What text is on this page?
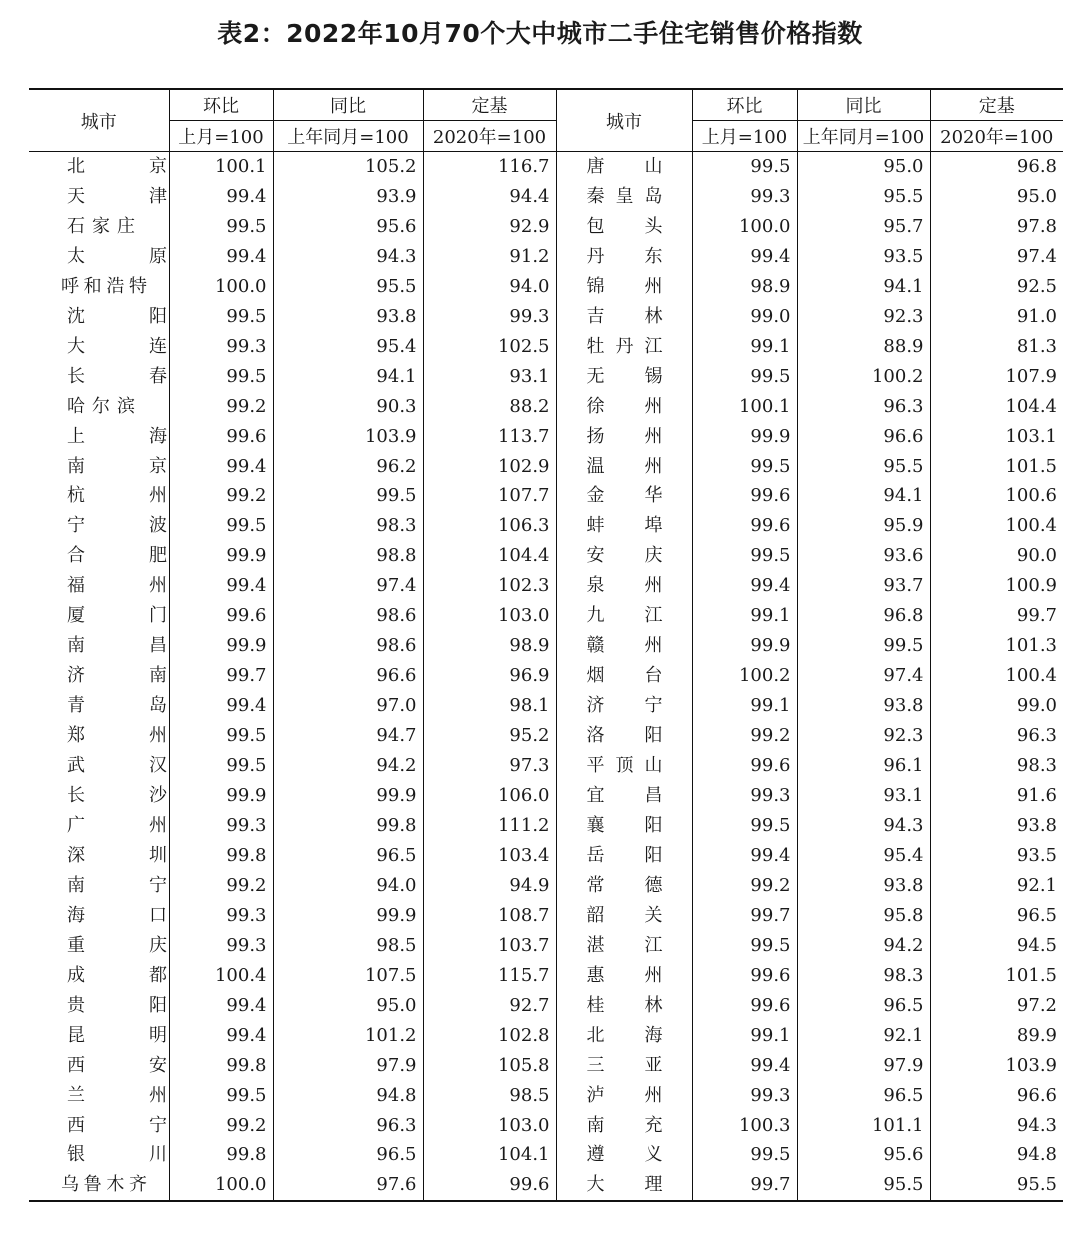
表2：2022年10月70个大中城市二手住宅销售价格指数
城市	环比	同比	定基	城市	环比	同比	定基
	上月=100	上年同月=100	2020年=100		上月=100	上年同月=100	2020年=100
北京	100.1	105.2	116.7	唐山	99.5	95.0	96.8
天津	99.4	93.9	94.4	秦皇岛	99.3	95.5	95.0
石家庄	99.5	95.6	92.9	包头	100.0	95.7	97.8
太原	99.4	94.3	91.2	丹东	99.4	93.5	97.4
呼和浩特	100.0	95.5	94.0	锦州	98.9	94.1	92.5
沈阳	99.5	93.8	99.3	吉林	99.0	92.3	91.0
大连	99.3	95.4	102.5	牡丹江	99.1	88.9	81.3
长春	99.5	94.1	93.1	无锡	99.5	100.2	107.9
哈尔滨	99.2	90.3	88.2	徐州	100.1	96.3	104.4
上海	99.6	103.9	113.7	扬州	99.9	96.6	103.1
南京	99.4	96.2	102.9	温州	99.5	95.5	101.5
杭州	99.2	99.5	107.7	金华	99.6	94.1	100.6
宁波	99.5	98.3	106.3	蚌埠	99.6	95.9	100.4
合肥	99.9	98.8	104.4	安庆	99.5	93.6	90.0
福州	99.4	97.4	102.3	泉州	99.4	93.7	100.9
厦门	99.6	98.6	103.0	九江	99.1	96.8	99.7
南昌	99.9	98.6	98.9	赣州	99.9	99.5	101.3
济南	99.7	96.6	96.9	烟台	100.2	97.4	100.4
青岛	99.4	97.0	98.1	济宁	99.1	93.8	99.0
郑州	99.5	94.7	95.2	洛阳	99.2	92.3	96.3
武汉	99.5	94.2	97.3	平顶山	99.6	96.1	98.3
长沙	99.9	99.9	106.0	宜昌	99.3	93.1	91.6
广州	99.3	99.8	111.2	襄阳	99.5	94.3	93.8
深圳	99.8	96.5	103.4	岳阳	99.4	95.4	93.5
南宁	99.2	94.0	94.9	常德	99.2	93.8	92.1
海口	99.3	99.9	108.7	韶关	99.7	95.8	96.5
重庆	99.3	98.5	103.7	湛江	99.5	94.2	94.5
成都	100.4	107.5	115.7	惠州	99.6	98.3	101.5
贵阳	99.4	95.0	92.7	桂林	99.6	96.5	97.2
昆明	99.4	101.2	102.8	北海	99.1	92.1	89.9
西安	99.8	97.9	105.8	三亚	99.4	97.9	103.9
兰州	99.5	94.8	98.5	泸州	99.3	96.5	96.6
西宁	99.2	96.3	103.0	南充	100.3	101.1	94.3
银川	99.8	96.5	104.1	遵义	99.5	95.6	94.8
乌鲁木齐	100.0	97.6	99.6	大理	99.7	95.5	95.5
